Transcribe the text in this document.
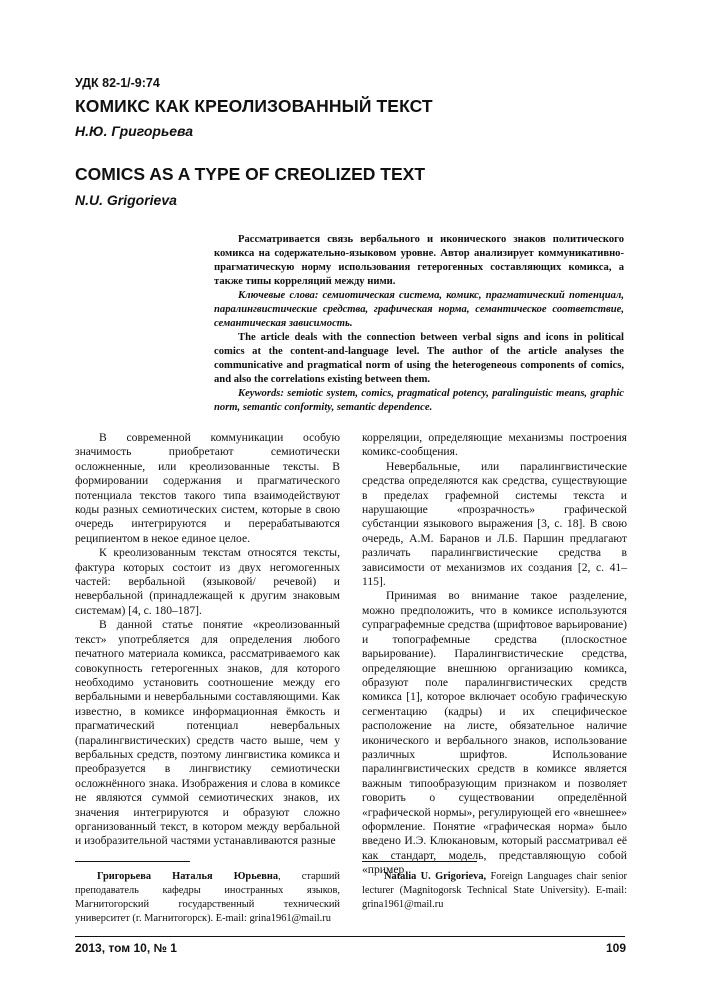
УДК 82-1/-9:74
КОМИКС КАК КРЕОЛИЗОВАННЫЙ ТЕКСТ
Н.Ю. Григорьева
COMICS AS A TYPE OF CREOLIZED TEXT
N.U. Grigorieva

Рассматривается связь вербального и иконического знаков политического комикса на содержательно-языковом уровне. Автор анализирует коммуникативно-прагматическую норму использования гетерогенных составляющих комикса, а также типы корреляций между ними.

Ключевые слова: семиотическая система, комикс, прагматический потенциал, паралингвистические средства, графическая норма, семантическое соответствие, семантическая зависимость.

The article deals with the connection between verbal signs and icons in political comics at the content-and-language level. The author of the article analyses the communicative and pragmatical norm of using the heterogeneous components of comics, and also the correlations existing between them.

Keywords: semiotic system, comics, pragmatical potency, paralinguistic means, graphic norm, semantic conformity, semantic dependence.

В современной коммуникации особую значимость приобретают семиотически осложненные, или креолизованные тексты. В формировании содержания и прагматического потенциала текстов такого типа взаимодействуют коды разных семиотических систем, которые в свою очередь интегрируются и перерабатываются реципиентом в некое единое целое.

К креолизованным текстам относятся тексты, фактура которых состоит из двух негомогенных частей: вербальной (языковой/ речевой) и невербальной (принадлежащей к другим знаковым системам) [4, с. 180–187].

В данной статье понятие «креолизованный текст» употребляется для определения любого печатного материала комикса, рассматриваемого как совокупность гетерогенных знаков, для которого необходимо установить соотношение между его вербальными и невербальными составляющими. Как известно, в комиксе информационная ёмкость и прагматический потенциал невербальных (паралингвистических) средств часто выше, чем у вербальных средств, поэтому лингвистика комикса и преобразуется в лингвистику семиотически осложнённого знака. Изображения и слова в комиксе не являются суммой семиотических знаков, их значения интегрируются и образуют сложно организованный текст, в котором между вербальной и изобразительной частями устанавливаются разные

корреляции, определяющие механизмы построения комикс-сообщения.

Невербальные, или паралингвистические средства определяются как средства, существующие в пределах графемной системы текста и нарушающие «прозрачность» графической субстанции языкового выражения [3, с. 18]. В свою очередь, А.М. Баранов и Л.Б. Паршин предлагают различать паралингвистические средства в зависимости от механизмов их создания [2, с. 41–115].

Принимая во внимание такое разделение, можно предположить, что в комиксе используются супраграфемные средства (шрифтовое варьирование) и топографемные средства (плоскостное варьирование). Паралингвистические средства, определяющие внешнюю организацию комикса, образуют поле паралингвистических средств комикса [1], которое включает особую графическую сегментацию (кадры) и их специфическое расположение на листе, обязательное наличие иконического и вербального знаков, использование различных шрифтов. Использование паралингвистических средств в комиксе является важным типообразующим признаком и позволяет говорить о существовании определённой «графической нормы», регулирующей его «внешнее» оформление. Понятие «графическая норма» было введено И.Э. Клюкановым, который рассматривал её как стандарт, модель, представляющую собой «пример

Григорьева Наталья Юрьевна, старший преподаватель кафедры иностранных языков, Магнитогорский государственный технический университет (г. Магнитогорск). E-mail: grina1961@mail.ru

Natalia U. Grigorieva, Foreign Languages chair senior lecturer (Magnitogorsk Technical State University). E-mail: grina1961@mail.ru

2013, том 10, № 1	109
